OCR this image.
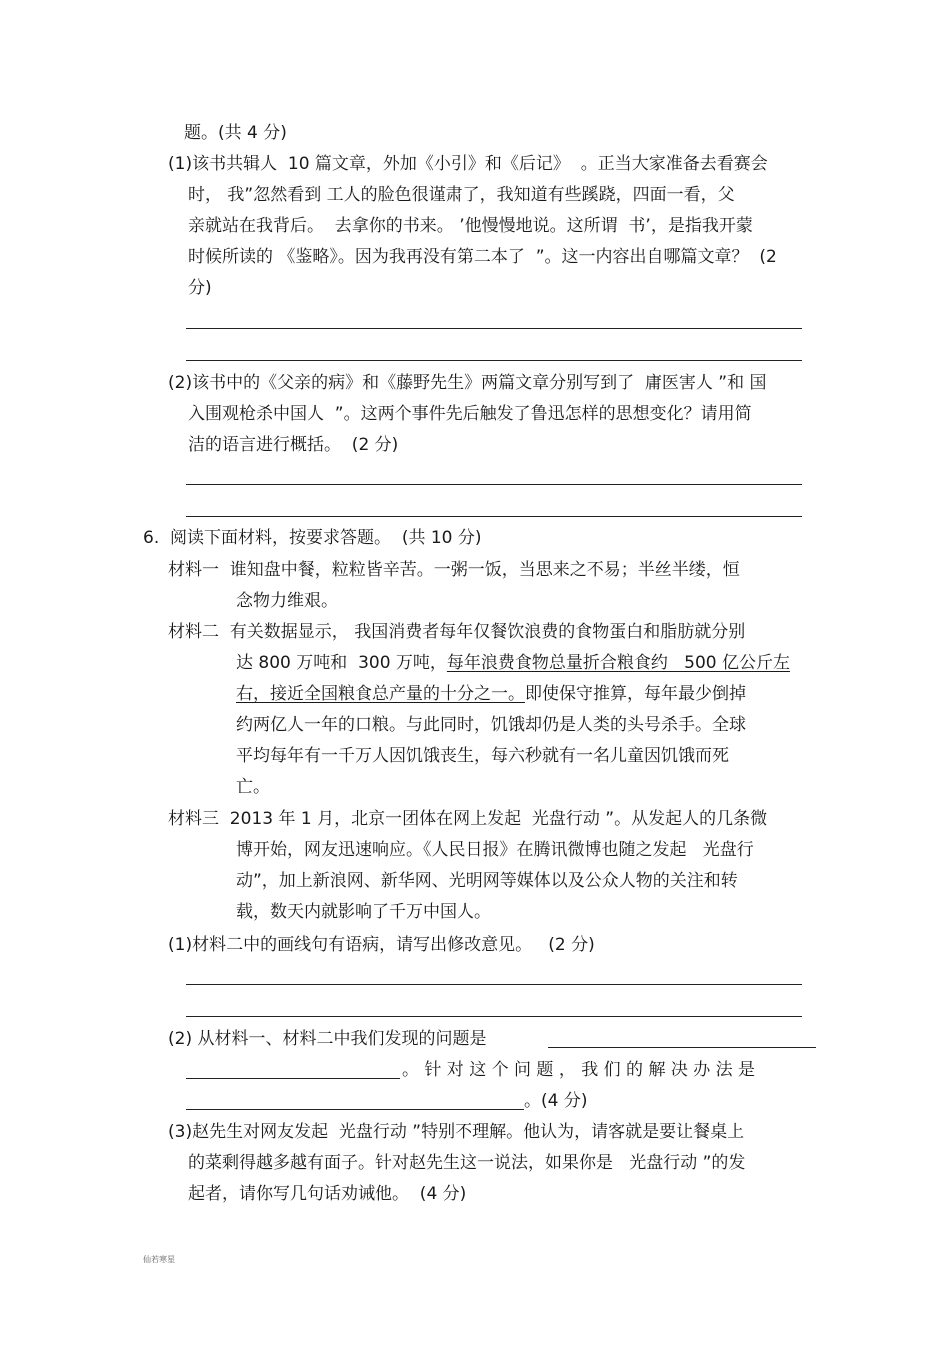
题。(共 4 分)
(1)该书共辑人  10 篇文章，外加《小引》和《后记》  。正当大家准备去看赛会
时， 我”忽然看到 工人的脸色很谨肃了，我知道有些蹊跷，四面一看，父
亲就站在我背后。  去拿你的书来。 ’他慢慢地说。这所谓  书’，是指我开蒙
时候所读的 《鉴略》。因为我再没有第二本了  ”。这一内容出自哪篇文章？  (2
分)
(2)该书中的《父亲的病》和《藤野先生》两篇文章分别写到了  庸医害人 ”和 国
入围观枪杀中国人  ”。这两个事件先后触发了鲁迅怎样的思想变化？请用简
洁的语言进行概括。  (2 分)
6.  阅读下面材料，按要求答题。  (共 10 分)
材料一  谁知盘中餐，粒粒皆辛苦。一粥一饭，当思来之不易；半丝半缕，恒
念物力维艰。
材料二  有关数据显示， 我国消费者每年仅餐饮浪费的食物蛋白和脂肪就分别
达 800 万吨和  300 万吨，每年浪费食物总量折合粮食约   500 亿公斤左
右，接近全国粮食总产量的十分之一。即使保守推算，每年最少倒掉
约两亿人一年的口粮。与此同时，饥饿却仍是人类的头号杀手。全球
平均每年有一千万人因饥饿丧生，每六秒就有一名儿童因饥饿而死
亡。
材料三  2013 年 1 月，北京一团体在网上发起  光盘行动 ”。从发起人的几条微
博开始，网友迅速响应。《人民日报》在腾讯微博也随之发起   光盘行
动”，加上新浪网、新华网、光明网等媒体以及公众人物的关注和转
载，数天内就影响了千万中国人。
(1)材料二中的画线句有语病，请写出修改意见。   (2 分)
(2) 从材料一、材料二中我们发现的问题是
。 针 对 这 个 问 题 ， 我 们 的 解 决 办 法 是
。(4 分)
(3)赵先生对网友发起  光盘行动 ”特别不理解。他认为，请客就是要让餐桌上
的菜剩得越多越有面子。针对赵先生这一说法，如果你是   光盘行动 ”的发
起者，请你写几句话劝诫他。  (4 分)
仙若寒星
